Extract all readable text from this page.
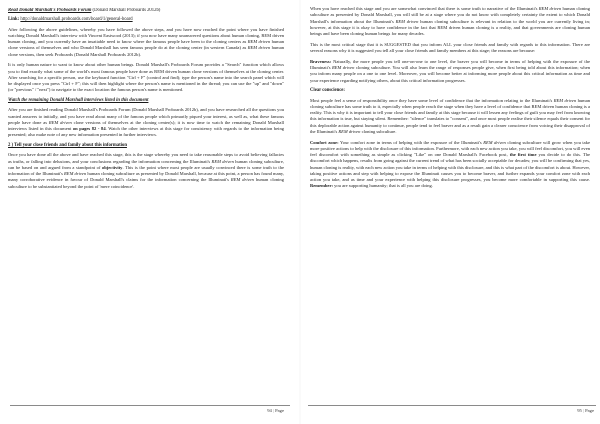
Read Donald Marshall's Proboards Forum (Donald Marshall Proboards 2012b)

Link: http://donaldmarshall.proboards.com/board/1/general-board

After following the above guidelines, whereby you have followed the above steps, and you have now reached the point where you have finished watching Donald Marshall's interview with Vincent Eastwood (2013); if you now have many unanswered questions about human cloning, REM driven human cloning, and you currently have an insatiable need to know where the famous people have been to the cloning centers as REM driven human clone versions of themselves and who Donald Marshall has seen famous people do at the cloning center (in western Canada) as REM driven human clone versions, then seek Proboards (Donald Marshall Proboards 2012b).

It is only human nature to want to know about other human beings. Donald Marshall's Proboards Forum provides a "Search" function which allows you to find exactly what some of the world's most famous people have done as REM driven human clone versions of themselves at the cloning center. After searching for a specific person, use the keyboard function "Ctrl + F" (control and find); type the person's name into the search panel which will be displayed once you press "Ctrl + F"; this will then highlight where the person's name is mentioned in the thread; you can use the "up" and "down" (or "previous" / "next") to navigate to the exact location the famous person's name is mentioned.

Watch the remaining Donald Marshall interviews listed in this document

After you are finished reading Donald Marshall's Proboards Forum (Donald Marshall Proboards 2012b), and you have researched all the questions you wanted answers to initially, and you have read about many of the famous people which primarily piqued your interest, as well as, what these famous people have done as REM driven clone versions of themselves at the cloning center(s); it is now time to watch the remaining Donald Marshall interviews listed in this document on pages 82 - 84. Watch the other interviews at this stage for consistency with regards to the information being presented; also make note of any new information presented in further interviews.

2 ) Tell your close friends and family about this information

Once you have done all the above and have reached this stage, this is the stage whereby you need to take reasonable steps to avoid believing fallacies as truths, or falling into delusions, and your conclusions regarding the information concerning the Illuminati's REM driven human cloning subculture, can be based on and argued from a standpoint of objectivity. This is the point where most people are usually convinced there is some truth to the information of the Illuminati's REM driven human cloning subculture as presented by Donald Marshall, because at this point, a person has found many, many corroborative evidence in favour of Donald Marshall's claims for the information concerning the Illuminati's REM driven human cloning subculture to be substantiated beyond the point of 'mere coincidence'.

94 | Page

When you have reached this stage and you are somewhat convinced that there is some truth to narrative of the Illuminati's REM driven human cloning subculture as presented by Donald Marshall, you will still be at a stage where you do not know with completely certainty the extent to which Donald Marshall's information about the Illuminati's REM driven human cloning subculture is relevant in relation to the world you are currently living in; however, at this stage it is okay to have confidence in the fact that REM driven human cloning is a reality, and that governments are cloning human beings and have been cloning human beings for many decades.

This is the most critical stage that it is SUGGESTED that you inform ALL your close friends and family with regards to this information. There are several reasons why it is suggested you tell all your close friends and family members at this stage; the reasons are because:

Braveness: Naturally, the more people you tell one-on-one to one level, the braver you will become in terms of helping with the exposure of the Illuminati's REM driven cloning subculture. You will also learn the range of responses people give, when first being told about this information; when you inform many people on a one to one level. Moreover, you will become better at informing more people about this critical information as time and your experience regarding notifying others, about this critical information progresses.

Clear conscience:

Most people feel a sense of responsibility once they have some level of confidence that the information relating to the Illuminati's REM driven human cloning subculture has some truth to it, especially when people reach the stage when they have a level of confidence that REM driven human cloning is a reality. This is why it is important to tell your close friends and family at this stage because it will lessen any feelings of guilt you may feel from knowing this information is true, but staying silent. Remember: "silence" translates to "consent", and once most people realise their silence equals their consent for this deplorable action against humanity to continue, people tend to feel braver and as a result gain a clearer conscience from voicing their disapproval of the Illuminati's REM driven cloning subculture.

Comfort zone: Your comfort zone in terms of helping with the exposure of the Illuminati's REM driven cloning subculture will grow when you take more positive actions to help with the disclosure of this information. Furthermore, with each new action you take, you will feel discomfort, you will even feel discomfort with something as simple as clicking "Like" on one Donald Marshall's Facebook post, the first time you decide to do this. The discomfort which happens, results from going against the current trend of what has been socially acceptable for decades; you will be confirming that yes, human cloning is reality, with each new action you take in terms of helping with this disclosure, and this is what part of the discomfort is about. However, taking positive actions and step with helping to expose the Illuminati causes you to become braver, and further expands your comfort zone with each action you take, and as time and your experience with helping this disclosure progresses, you become more comfortable in supporting this cause. Remember: you are supporting humanity; that is all you are doing.

95 | Page
